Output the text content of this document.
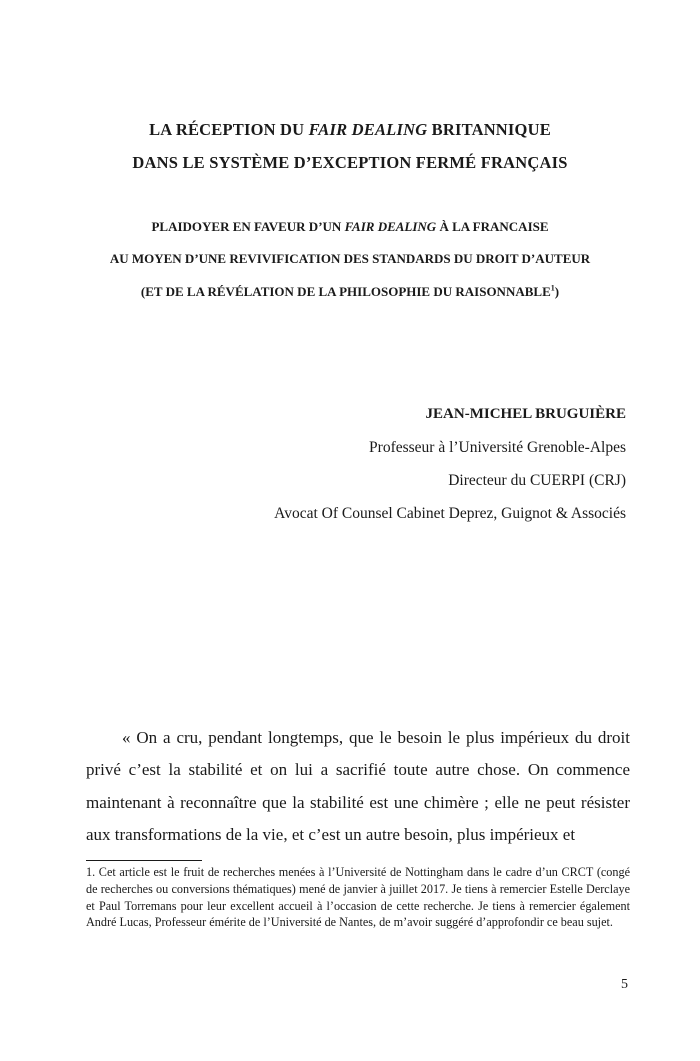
LA RÉCEPTION DU FAIR DEALING BRITANNIQUE
DANS LE SYSTÈME D’EXCEPTION FERMÉ FRANÇAIS
PLAIDOYER EN FAVEUR D’UN FAIR DEALING À LA FRANCAISE
AU MOYEN D’UNE REVIVIFICATION DES STANDARDS DU DROIT D’AUTEUR
(ET DE LA RÉVÉLATION DE LA PHILOSOPHIE DU RAISONNABLE$^1$)
JEAN-MICHEL BRUGUIÈRE
Professeur à l’Université Grenoble-Alpes
Directeur du CUERPI (CRJ)
Avocat Of Counsel Cabinet Deprez, Guignot & Associés
« On a cru, pendant longtemps, que le besoin le plus impérieux du droit privé c’est la stabilité et on lui a sacrifié toute autre chose. On commence maintenant à reconnaître que la stabilité est une chimère ; elle ne peut résister aux transformations de la vie, et c’est un autre besoin, plus impérieux et
1. Cet article est le fruit de recherches menées à l’Université de Nottingham dans le cadre d’un CRCT (congé de recherches ou conversions thématiques) mené de janvier à juillet 2017. Je tiens à remercier Estelle Derclaye et Paul Torremans pour leur excellent accueil à l’occasion de cette recherche. Je tiens à remercier également André Lucas, Professeur émérite de l’Université de Nantes, de m’avoir suggéré d’approfondir ce beau sujet.
5
